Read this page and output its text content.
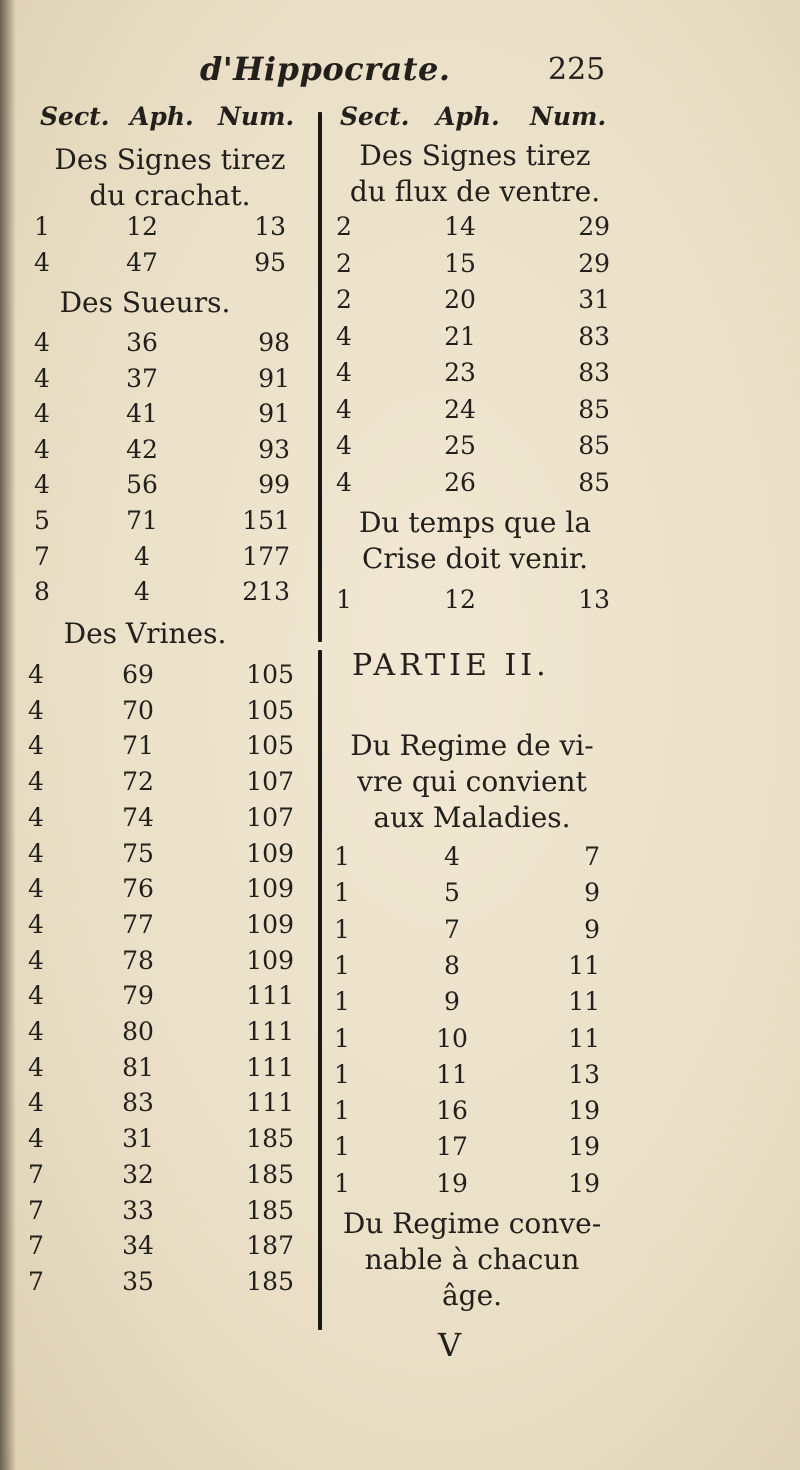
d'Hippocrate.	225
Sect. Aph. Num. Sect. Aph. Num.
Des Signes tirez
du crachat.
1	12	13
4	47	95
Des Sueurs.
4	36	98
4	37	91
4	41	91
4	42	93
4	56	99
5	71	151
7	4	177
8	4	213
Des Vrines.
4	69	105
4	70	105
4	71	105
4	72	107
4	74	107
4	75	109
4	76	109
4	77	109
4	78	109
4	79	111
4	80	111
4	81	111
4	83	111
4	31	185
7	32	185
7	33	185
7	34	187
7	35	185
Des Signes tirez
du flux de ventre.
2	14	29
2	15	29
2	20	31
4	21	83
4	23	83
4	24	85
4	25	85
4	26	85
Du temps que la
Crise doit venir.
1	12	13
PARTIE II.
Du Regime de vi-
vre qui convient
aux Maladies.
1	4	7
1	5	9
1	7	9
1	8	11
1	9	11
1	10	11
1	11	13
1	16	19
1	17	19
1	19	19
Du Regime conve-
nable à chacun
âge.
V
